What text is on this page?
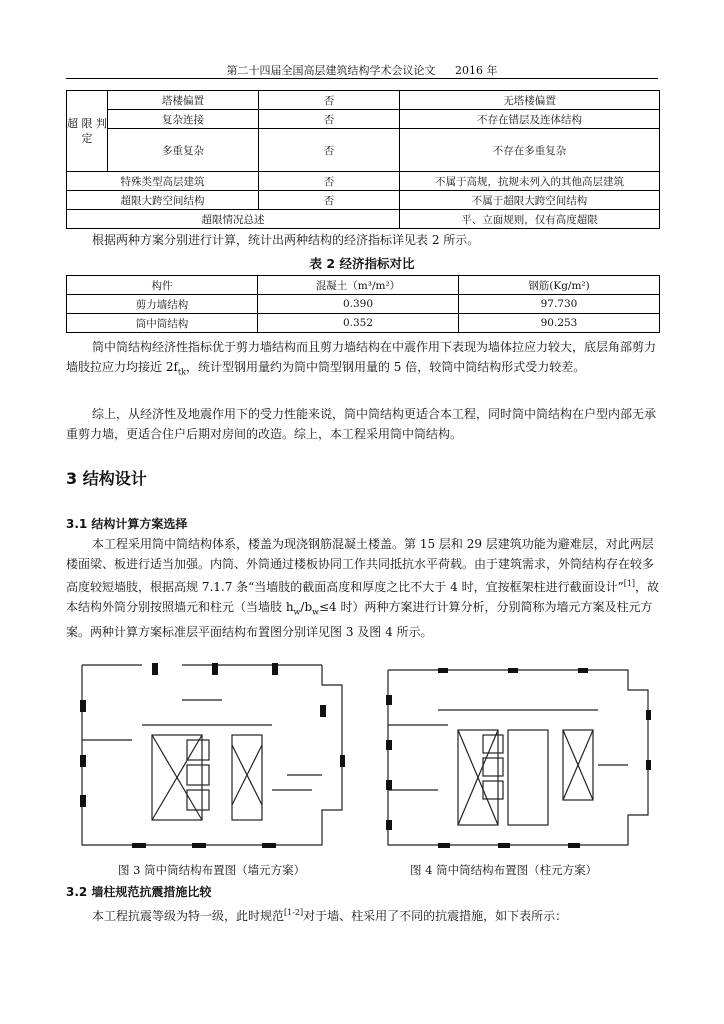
第二十四届全国高层建筑结构学术会议论文 2016 年
超 限 判 定	塔楼偏置	否	无塔楼偏置
	复杂连接	否	不存在错层及连体结构
	多重复杂	否	不存在多重复杂
特殊类型高层建筑		否	不属于高规，抗规未列入的其他高层建筑
超限大跨空间结构		否	不属于超限大跨空间结构
超限情况总述			平、立面规则，仅有高度超限
根据两种方案分别进行计算，统计出两种结构的经济指标详见表 2 所示。
表 2 经济指标对比
构件	混凝土（m³/m²）	钢筋(Kg/m²)
剪力墙结构	0.390	97.730
筒中筒结构	0.352	90.253
筒中筒结构经济性指标优于剪力墙结构而且剪力墙结构在中震作用下表现为墙体拉应力较大，底层角部剪力墙肢拉应力均接近 $2f_{tk}$，统计型钢用量约为筒中筒型钢用量的 5 倍，较筒中筒结构形式受力较差。
综上，从经济性及地震作用下的受力性能来说，筒中筒结构更适合本工程，同时筒中筒结构在户型内部无承重剪力墙，更适合住户后期对房间的改造。综上，本工程采用筒中筒结构。
3 结构设计
3.1 结构计算方案选择
本工程采用筒中筒结构体系，楼盖为现浇钢筋混凝土楼盖。第 15 层和 29 层建筑功能为避难层，对此两层楼面梁、板进行适当加强。内筒、外筒通过楼板协同工作共同抵抗水平荷载。由于建筑需求，外筒结构存在较多高度较短墙肢，根据高规 7.1.7 条“当墙肢的截面高度和厚度之比不大于 4 时，宜按框架柱进行截面设计”[1]，故本结构外筒分别按照墙元和柱元（当墙肢 $h_w/b_w\le 4$ 时）两种方案进行计算分析，分别简称为墙元方案及柱元方案。两种计算方案标准层平面结构布置图分别详见图 3 及图 4 所示。
图 3 筒中筒结构布置图（墙元方案）	图 4 筒中筒结构布置图（柱元方案）
3.2 墙柱规范抗震措施比较
本工程抗震等级为特一级，此时规范[1-2]对于墙、柱采用了不同的抗震措施，如下表所示：
